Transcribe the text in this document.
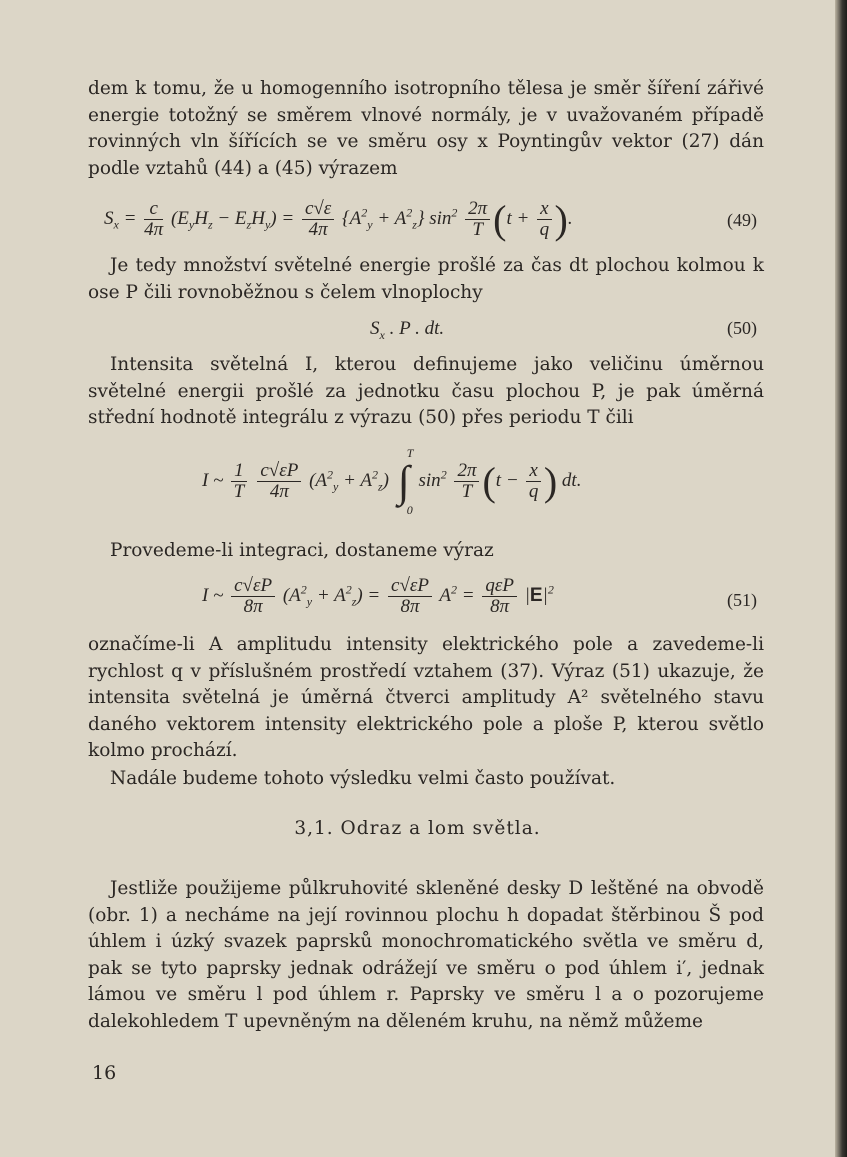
dem k tomu, že u homogenního isotropního tělesa je směr šíření zářivé energie totožný se směrem vlnové normály, je v uvažovaném případě rovinných vln šířících se ve směru osy x Poyntingův vektor (27) dán podle vztahů (44) a (45) výrazem

$S_x = \frac{c}{4\pi} (E_yH_z - E_zH_y) = \frac{c√\varepsilon}{4\pi} \{A^2_y + A^2_z\}$ $\sin^2 \frac{2\pi}{T} (t + \frac{x}{q}$ ).	(49)

Je tedy množství světelné energie prošlé za čas dt plochou kolmou k ose P čili rovnoběžnou s čelem vlnoplochy

$S_x$ . P . dt.	(50)

Intensita světelná I, kterou definujeme jako veličinu úměrnou světelné energii prošlé za jednotku času plochou P, je pak úměrná střední hodnotě integrálu z výrazu (50) přes periodu T čili

I ~ $\frac{1}{T}$
$\frac{c√\varepsilon P}{4\pi} (A^2_y + A^2_z)$
T
∫
0
$\sin^2 \frac{2\pi}{T} (t - \frac{x}{q}$ ) dt.

Provedeme-li integraci, dostaneme výraz

I ~ $\frac{c√\varepsilon P}{8\pi} (A^2_y + A^2_z) = \frac{c√\varepsilon P}{8\pi} A^2 = \frac{\text{qεP}}{8\pi} |E|^2$
(51)

označíme-li A amplitudu intensity elektrického pole a zavedeme-li rychlost q v příslušném prostředí vztahem (37). Výraz (51) ukazuje, že intensita světelná je úměrná čtverci amplitudy A² světelného stavu daného vektorem intensity elektrického pole a ploše P, kterou světlo kolmo prochází.

Nadále budeme tohoto výsledku velmi často používat.

3,1. Odraz a lom světla.

Jestliže použijeme půlkruhovité skleněné desky D leštěné na obvodě (obr. 1) a necháme na její rovinnou plochu h dopadat štěrbinou Š pod úhlem i úzký svazek paprsků monochromatického světla ve směru d, pak se tyto paprsky jednak odrážejí ve směru o pod úhlem i′, jednak lámou ve směru l pod úhlem r. Paprsky ve směru l a o pozorujeme dalekohledem T upevněným na děleném kruhu, na němž můžeme

16
